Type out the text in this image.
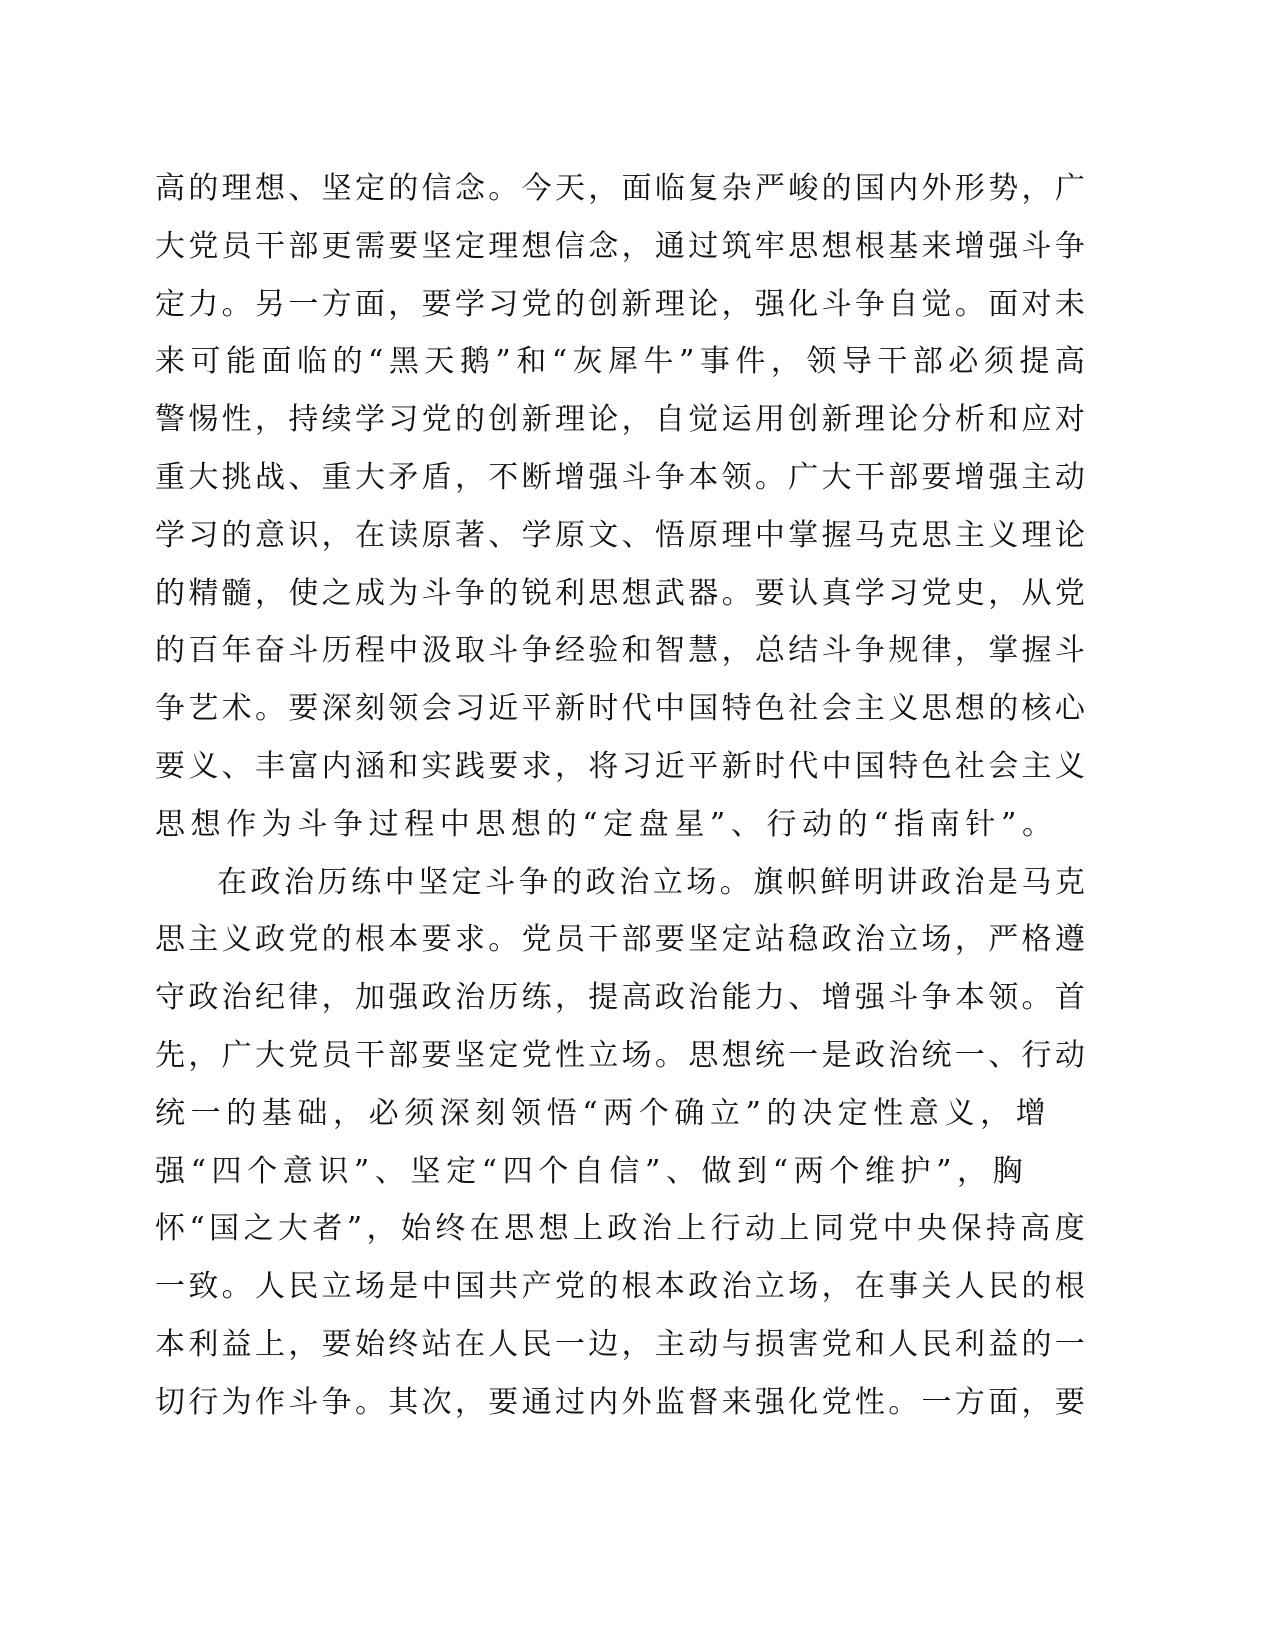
高 的 理 想 、 坚 定 的 信 念 。 今 天 ， 面 临 复 杂 严 峻 的 国 内 外 形 势 ， 广
大 党 员 干 部 更 需 要 坚 定 理 想 信 念 ， 通 过 筑 牢 思 想 根 基 来 增 强 斗 争
定 力 。 另 一 方 面 ， 要 学 习 党 的 创 新 理 论 ， 强 化 斗 争 自 觉 。 面 对 未
来 可 能 面 临 的 “ 黑 天 鹅 ” 和 “ 灰 犀 牛 ” 事 件 ， 领 导 干 部 必 须 提 高
警 惕 性 ， 持 续 学 习 党 的 创 新 理 论 ， 自 觉 运 用 创 新 理 论 分 析 和 应 对
重 大 挑 战 、 重 大 矛 盾 ， 不 断 增 强 斗 争 本 领 。 广 大 干 部 要 增 强 主 动
学 习 的 意 识 ， 在 读 原 著 、 学 原 文 、 悟 原 理 中 掌 握 马 克 思 主 义 理 论
的 精 髓 ， 使 之 成 为 斗 争 的 锐 利 思 想 武 器 。 要 认 真 学 习 党 史 ， 从 党
的 百 年 奋 斗 历 程 中 汲 取 斗 争 经 验 和 智 慧 ， 总 结 斗 争 规 律 ， 掌 握 斗
争 艺 术 。 要 深 刻 领 会 习 近 平 新 时 代 中 国 特 色 社 会 主 义 思 想 的 核 心
要 义 、 丰 富 内 涵 和 实 践 要 求 ， 将 习 近 平 新 时 代 中 国 特 色 社 会 主 义
思想作为斗争过程中思想的“定盘星”、行动的“指南针”。
在 政 治 历 练 中 坚 定 斗 争 的 政 治 立 场 。 旗 帜 鲜 明 讲 政 治 是 马 克
思 主 义 政 党 的 根 本 要 求 。 党 员 干 部 要 坚 定 站 稳 政 治 立 场 ， 严 格 遵
守 政 治 纪 律 ， 加 强 政 治 历 练 ， 提 高 政 治 能 力 、 增 强 斗 争 本 领 。 首
先 ， 广 大 党 员 干 部 要 坚 定 党 性 立 场 。 思 想 统 一 是 政 治 统 一 、 行 动
统一的基础，必须深刻领悟“两个确立”的决定性意义，增
强“四个意识”、坚定“四个自信”、做到“两个维护”，胸
怀 “ 国 之 大 者 ” ， 始 终 在 思 想 上 政 治 上 行 动 上 同 党 中 央 保 持 高 度
一 致 。 人 民 立 场 是 中 国 共 产 党 的 根 本 政 治 立 场 ， 在 事 关 人 民 的 根
本 利 益 上 ， 要 始 终 站 在 人 民 一 边 ， 主 动 与 损 害 党 和 人 民 利 益 的 一
切 行 为 作 斗 争 。 其 次 ， 要 通 过 内 外 监 督 来 强 化 党 性 。 一 方 面 ， 要
